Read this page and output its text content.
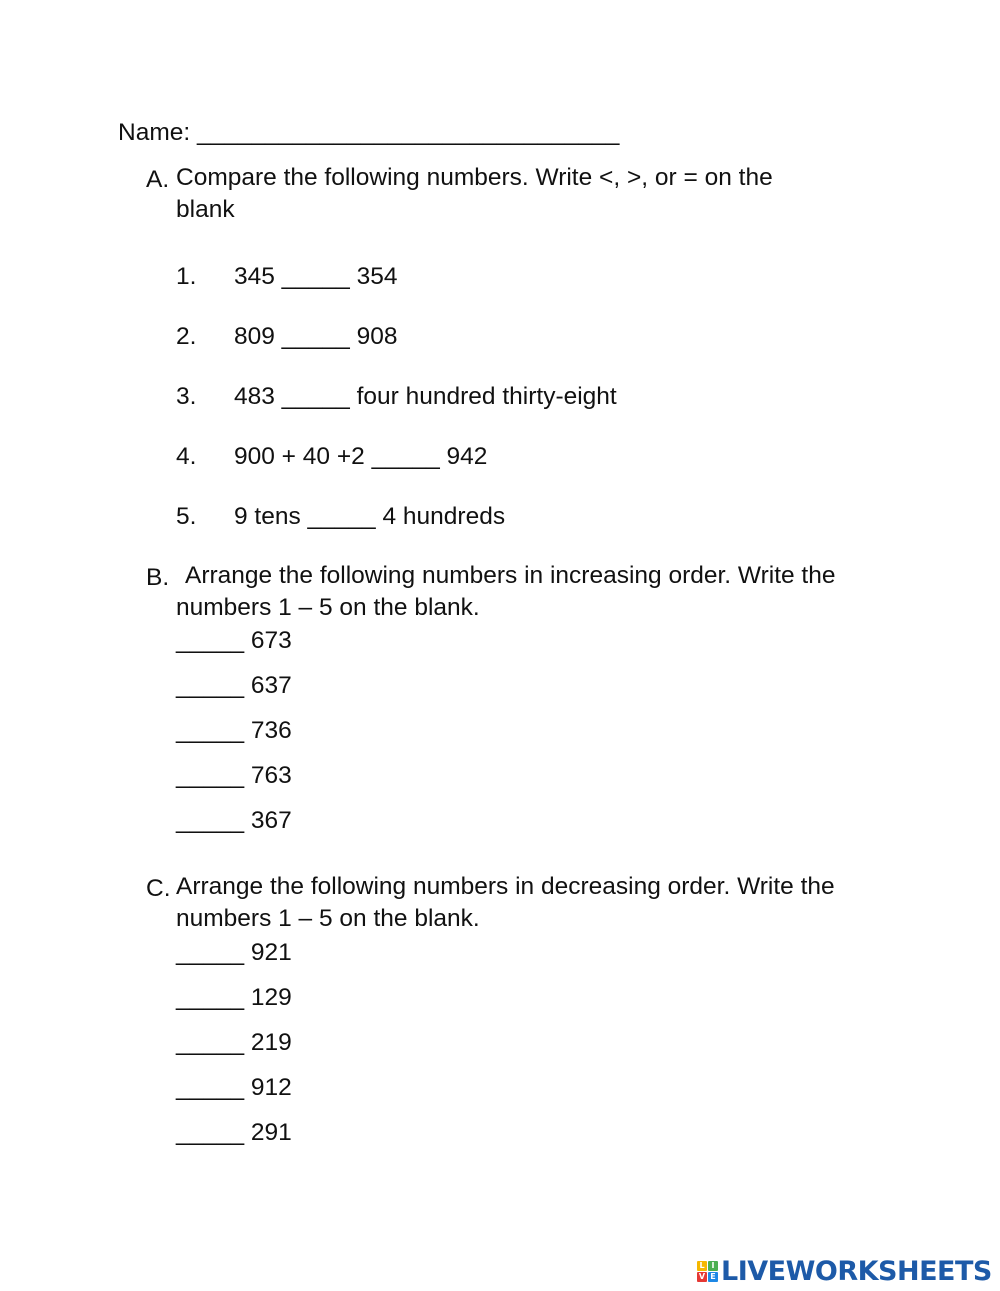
Name: _______________________________
A. Compare the following numbers. Write <, >, or = on the blank
1. 345 _____ 354
2. 809 _____ 908
3. 483 _____ four hundred thirty-eight
4. 900 + 40 +2 _____ 942
5. 9 tens _____ 4 hundreds
B. Arrange the following numbers in increasing order. Write the numbers 1 – 5 on the blank.
_____ 673
_____ 637
_____ 736
_____ 763
_____ 367
C. Arrange the following numbers in decreasing order. Write the numbers 1 – 5 on the blank.
_____ 921
_____ 129
_____ 219
_____ 912
_____ 291
L I
V E LIVEWORKSHEETS
